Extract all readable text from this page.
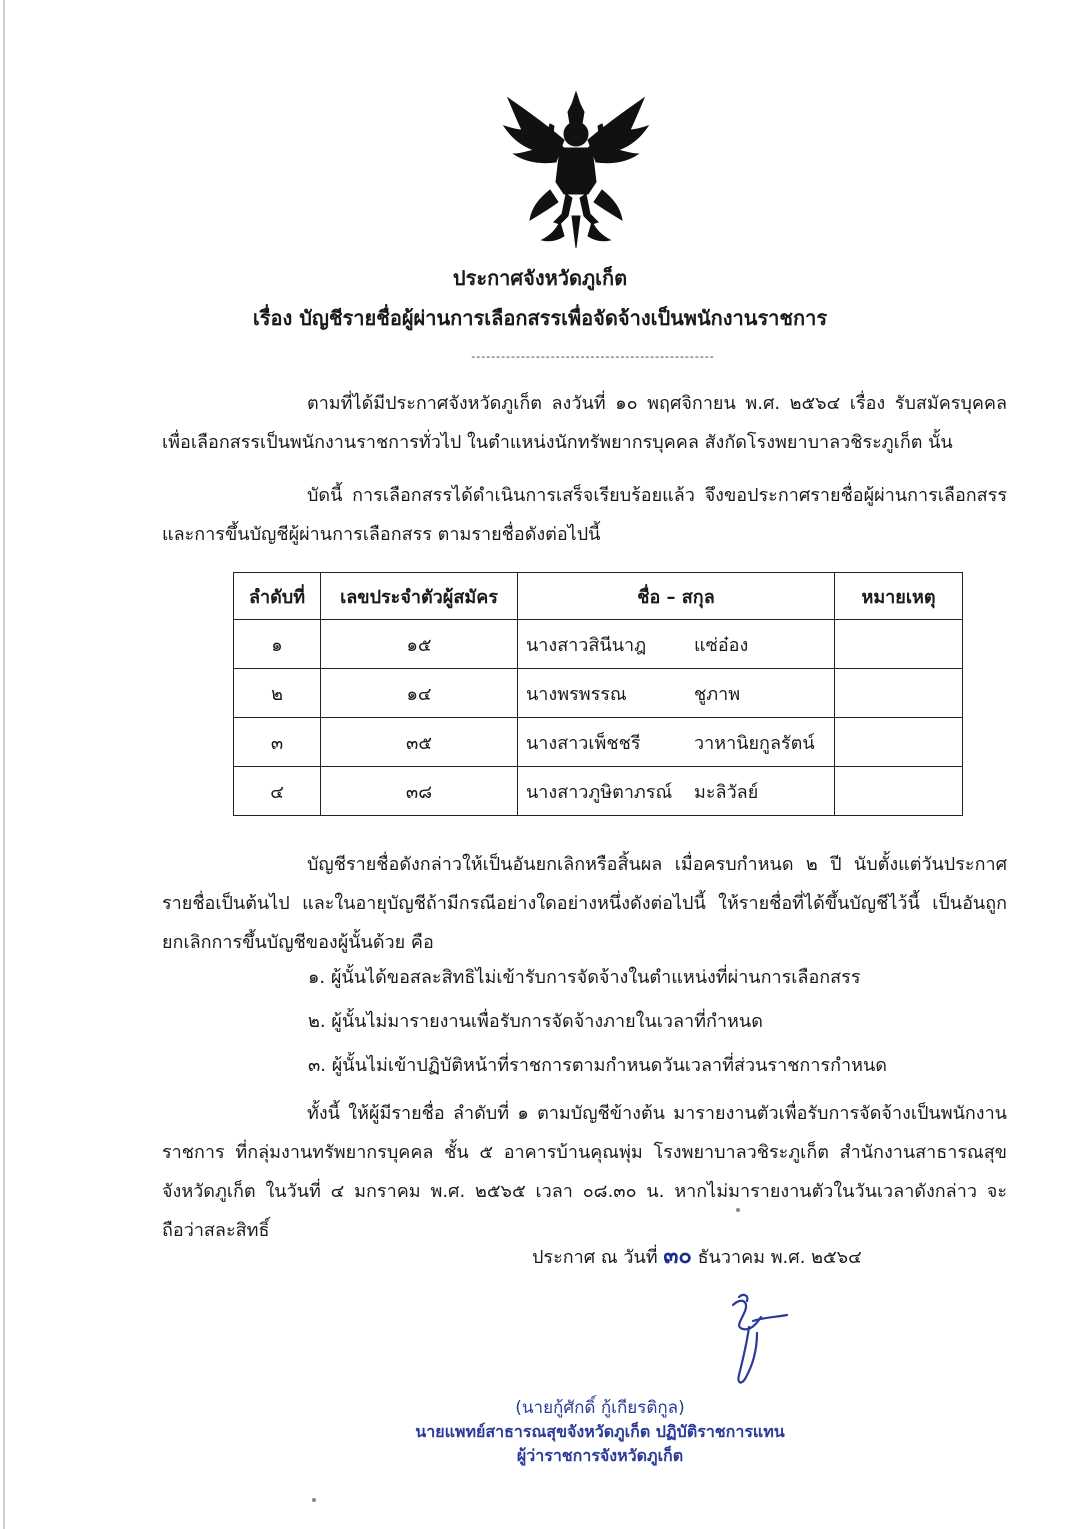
ประกาศจังหวัดภูเก็ต
เรื่อง บัญชีรายชื่อผู้ผ่านการเลือกสรรเพื่อจัดจ้างเป็นพนักงานราชการ
-------------------------------------------------
ตามที่ได้มีประกาศจังหวัดภูเก็ต ลงวันที่ ๑๐ พฤศจิกายน พ.ศ. ๒๕๖๔ เรื่อง รับสมัครบุคคล เพื่อเลือกสรรเป็นพนักงานราชการทั่วไป ในตำแหน่งนักทรัพยากรบุคคล สังกัดโรงพยาบาลวชิระภูเก็ต นั้น
บัดนี้ การเลือกสรรได้ดำเนินการเสร็จเรียบร้อยแล้ว จึงขอประกาศรายชื่อผู้ผ่านการเลือกสรร และการขึ้นบัญชีผู้ผ่านการเลือกสรร ตามรายชื่อดังต่อไปนี้
ลำดับที่	เลขประจำตัวผู้สมัคร	ชื่อ – สกุล	หมายเหตุ
๑	๑๕	นางสาวสินีนาฎ แซ่อ๋อง	
๒	๑๔	นางพรพรรณ ชูภาพ	
๓	๓๕	นางสาวเพ็ชชรี วาหานิยกูลรัตน์	
๔	๓๘	นางสาวภูษิตาภรณ์ มะลิวัลย์	
บัญชีรายชื่อดังกล่าวให้เป็นอันยกเลิกหรือสิ้นผล เมื่อครบกำหนด ๒ ปี นับตั้งแต่วันประกาศ รายชื่อเป็นต้นไป และในอายุบัญชีถ้ามีกรณีอย่างใดอย่างหนึ่งดังต่อไปนี้ ให้รายชื่อที่ได้ขึ้นบัญชีไว้นี้ เป็นอันถูกยกเลิกการขึ้นบัญชีของผู้นั้นด้วย คือ
๑. ผู้นั้นได้ขอสละสิทธิไม่เข้ารับการจัดจ้างในตำแหน่งที่ผ่านการเลือกสรร
๒. ผู้นั้นไม่มารายงานเพื่อรับการจัดจ้างภายในเวลาที่กำหนด
๓. ผู้นั้นไม่เข้าปฏิบัติหน้าที่ราชการตามกำหนดวันเวลาที่ส่วนราชการกำหนด
ทั้งนี้ ให้ผู้มีรายชื่อ ลำดับที่ ๑ ตามบัญชีข้างต้น มารายงานตัวเพื่อรับการจัดจ้างเป็นพนักงาน ราชการ ที่กลุ่มงานทรัพยากรบุคคล ชั้น ๕ อาคารบ้านคุณพุ่ม โรงพยาบาลวชิระภูเก็ต สำนักงานสาธารณสุข จังหวัดภูเก็ต ในวันที่ ๔ มกราคม พ.ศ. ๒๕๖๕ เวลา ๐๘.๓๐ น. หากไม่มารายงานตัวในวันเวลาดังกล่าว จะถือว่าสละสิทธิ์
ประกาศ ณ วันที่ ๓๐ ธันวาคม พ.ศ. ๒๕๖๔
(นายกู้ศักดิ์ กู้เกียรติกูล)
นายแพทย์สาธารณสุขจังหวัดภูเก็ต ปฏิบัติราชการแทน
ผู้ว่าราชการจังหวัดภูเก็ต
